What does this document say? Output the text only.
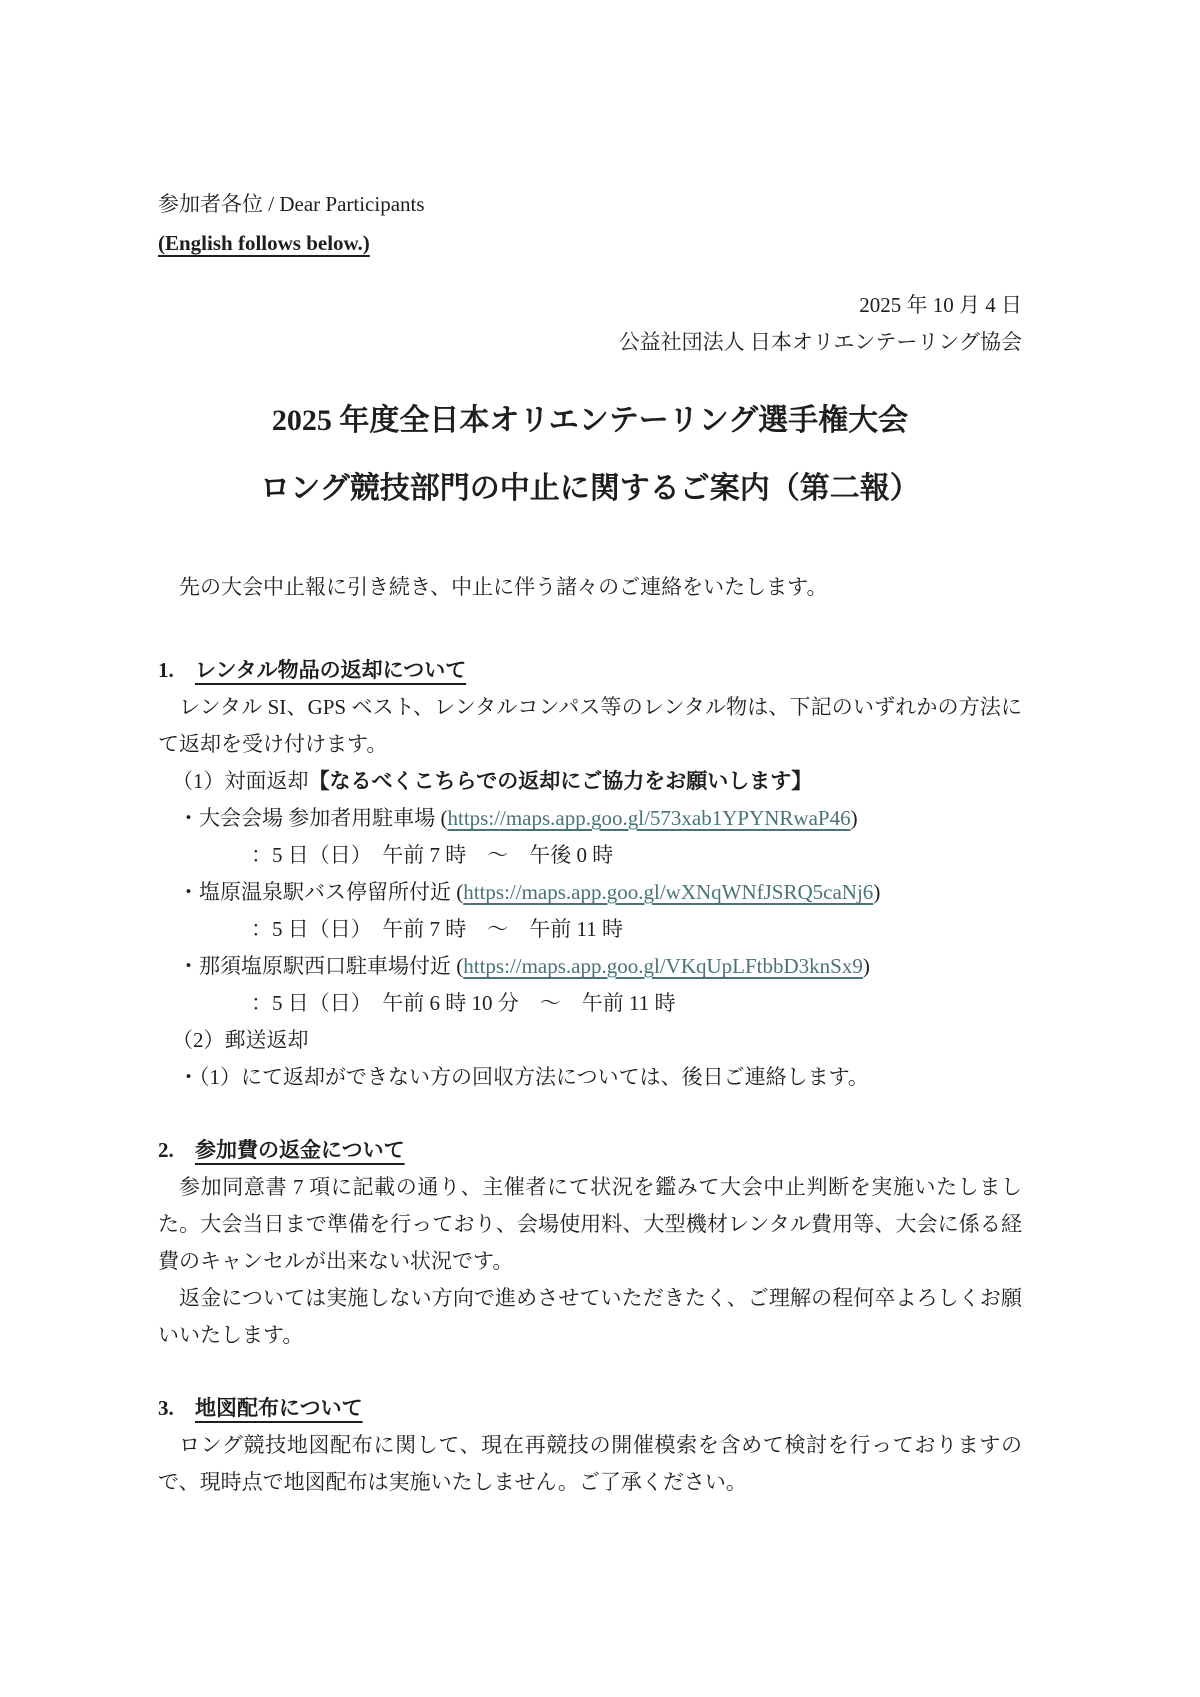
参加者各位 / Dear Participants
(English follows below.)
2025 年 10 月 4 日
公益社団法人 日本オリエンテーリング協会
2025 年度全日本オリエンテーリング選手権大会
ロング競技部門の中止に関するご案内（第二報）
先の大会中止報に引き続き、中止に伴う諸々のご連絡をいたします。
1. レンタル物品の返却について
レンタル SI、GPS ベスト、レンタルコンパス等のレンタル物は、下記のいずれかの方法にて返却を受け付けます。
（1）対面返却【なるべくこちらでの返却にご協力をお願いします】
・大会会場 参加者用駐車場 (https://maps.app.goo.gl/573xab1YPYNRwaP46)
：5 日（日）　午前 7 時　～　午後 0 時
・塩原温泉駅バス停留所付近 (https://maps.app.goo.gl/wXNqWNfJSRQ5caNj6)
：5 日（日）　午前 7 時　～　午前 11 時
・那須塩原駅西口駐車場付近 (https://maps.app.goo.gl/VKqUpLFtbbD3knSx9)
：5 日（日）　午前 6 時 10 分　～　午前 11 時
（2）郵送返却
・（1）にて返却ができない方の回収方法については、後日ご連絡します。
2. 参加費の返金について
参加同意書 7 項に記載の通り、主催者にて状況を鑑みて大会中止判断を実施いたしました。大会当日まで準備を行っており、会場使用料、大型機材レンタル費用等、大会に係る経費のキャンセルが出来ない状況です。
返金については実施しない方向で進めさせていただきたく、ご理解の程何卒よろしくお願いいたします。
3. 地図配布について
ロング競技地図配布に関して、現在再競技の開催模索を含めて検討を行っておりますので、現時点で地図配布は実施いたしません。ご了承ください。
